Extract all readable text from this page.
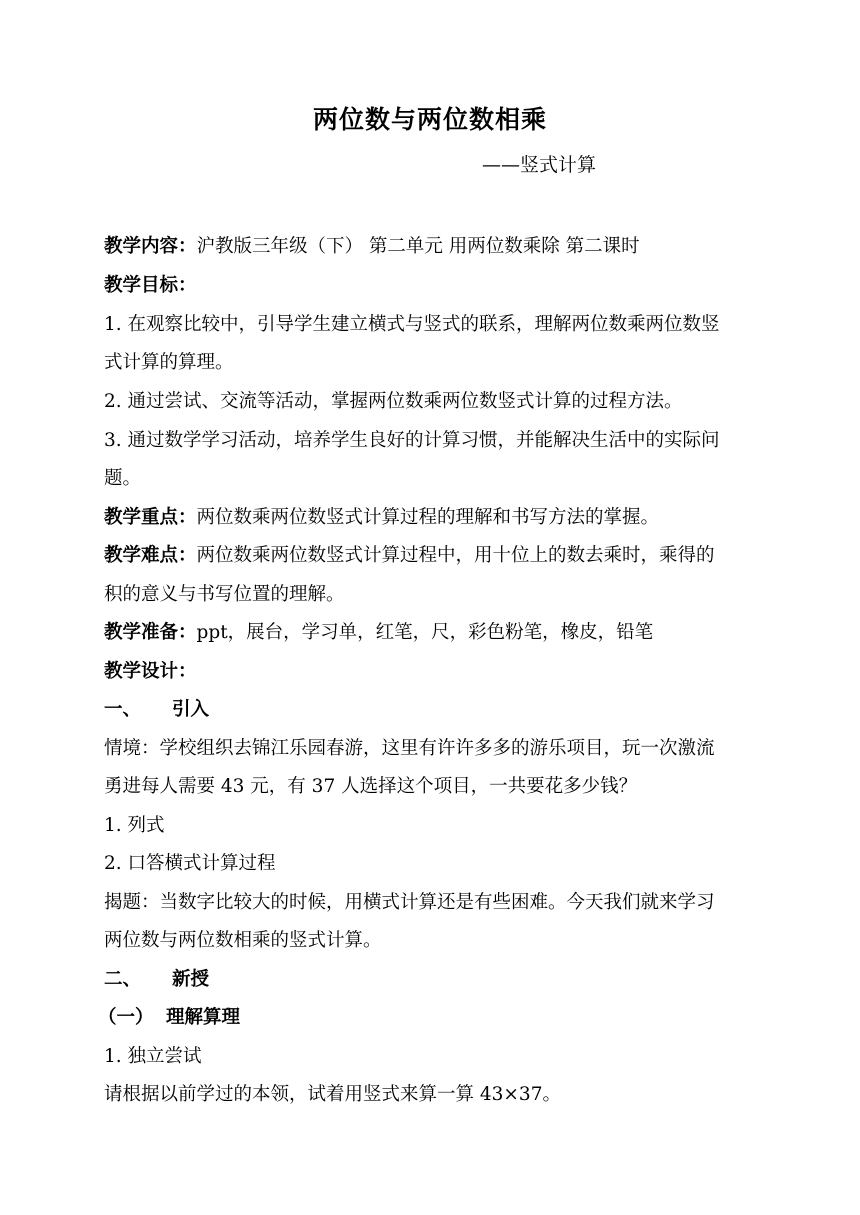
两位数与两位数相乘
——竖式计算
教学内容：沪教版三年级（下） 第二单元 用两位数乘除 第二课时
教学目标：
1. 在观察比较中，引导学生建立横式与竖式的联系，理解两位数乘两位数竖
式计算的算理。
2. 通过尝试、交流等活动，掌握两位数乘两位数竖式计算的过程方法。
3. 通过数学学习活动，培养学生良好的计算习惯，并能解决生活中的实际问
题。
教学重点：两位数乘两位数竖式计算过程的理解和书写方法的掌握。
教学难点：两位数乘两位数竖式计算过程中，用十位上的数去乘时，乘得的
积的意义与书写位置的理解。
教学准备：ppt，展台，学习单，红笔，尺，彩色粉笔，橡皮，铅笔
教学设计：
一、 引入
情境：学校组织去锦江乐园春游，这里有许许多多的游乐项目，玩一次激流
勇进每人需要 43 元，有 37 人选择这个项目，一共要花多少钱？
1. 列式
2. 口答横式计算过程
揭题：当数字比较大的时候，用横式计算还是有些困难。今天我们就来学习
两位数与两位数相乘的竖式计算。
二、 新授
（一） 理解算理
1. 独立尝试
请根据以前学过的本领，试着用竖式来算一算 43×37。
